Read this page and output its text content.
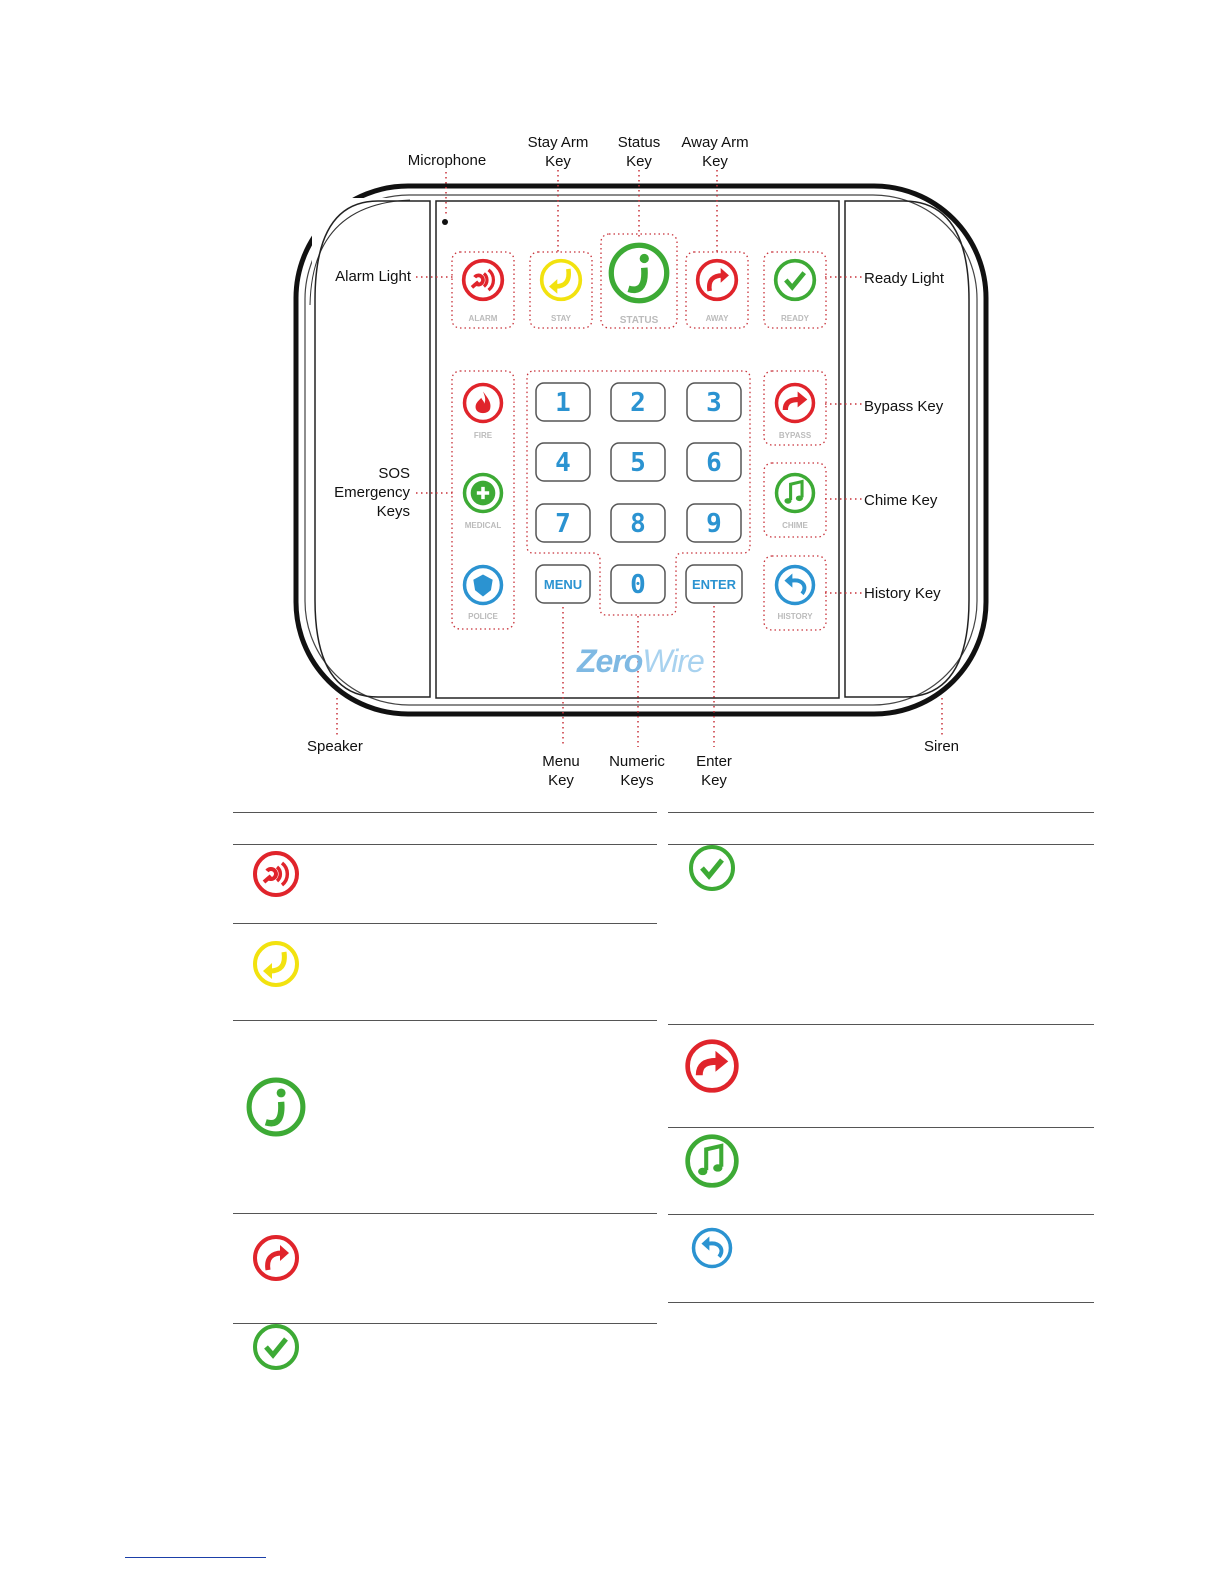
ALARM	STAY	STATUS	AWAY	READY
FIRE
MEDICAL
POLICE
BYPASS
CHIME
HISTORY
1 2 3
4 5 6
7 8 9
0
MENU	ENTER
ZeroWire
Microphone
Stay Arm
Key
Status
Key
Away Arm
Key
Alarm Light	Ready Light
Bypass Key
SOS
Emergency
Keys
Chime Key
History Key
Speaker	Siren
Menu
Key
Numeric
Keys
Enter
Key
